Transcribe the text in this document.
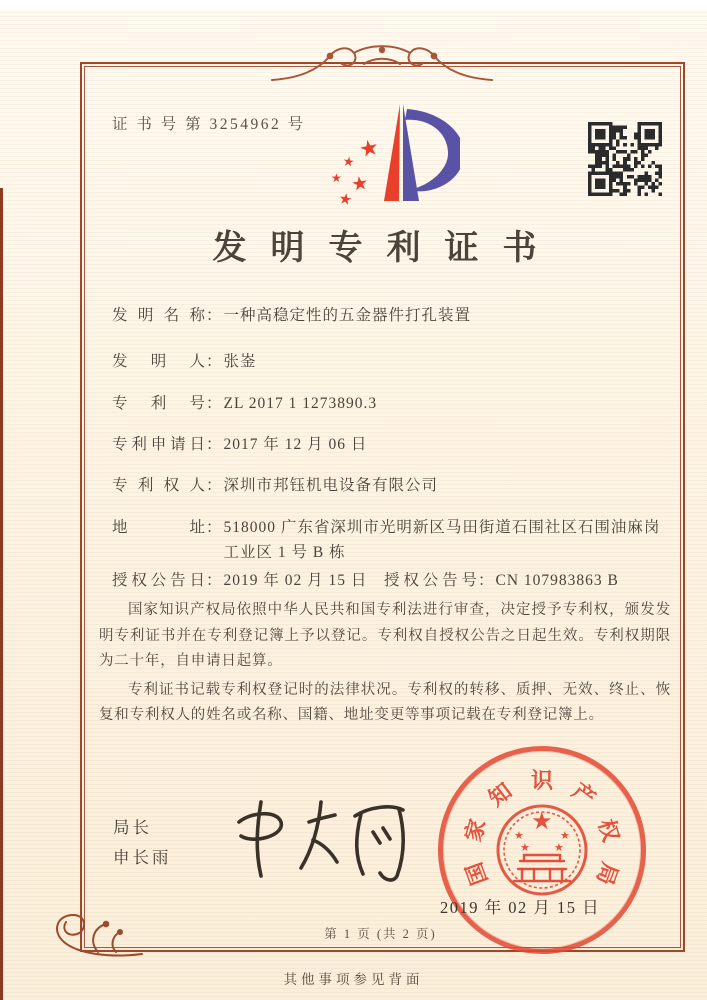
证 书 号 第 3254962 号
★
★
★ ★
★
发明专利证书
发明名称 ： 一种高稳定性的五金器件打孔装置
发明人 ： 张崟
专利号 ： ZL 2017 1 1273890.3
专利申请日 ： 2017 年 12 月 06 日
专利权人 ： 深圳市邦钰机电设备有限公司
地址 ： 518000 广东省深圳市光明新区马田街道石围社区石围油麻岗工业区 1 号 B 栋
授权公告日 ： 2019 年 02 月 15 日 授权公告号 ： CN 107983863 B

国家知识产权局依照中华人民共和国专利法进行审查，决定授予专利权，颁发发明专利证书并在专利登记簿上予以登记。专利权自授权公告之日起生效。专利权期限为二十年，自申请日起算。

专利证书记载专利权登记时的法律状况。专利权的转移、质押、无效、终止、恢复和专利权人的姓名或名称、国籍、地址变更等事项记载在专利登记簿上。

局长
申长雨
★
★	★
★ ★
国
家
知 识 产
权
局
2019 年 02 月 15 日
第 1 页 (共 2 页)
其他事项参见背面
